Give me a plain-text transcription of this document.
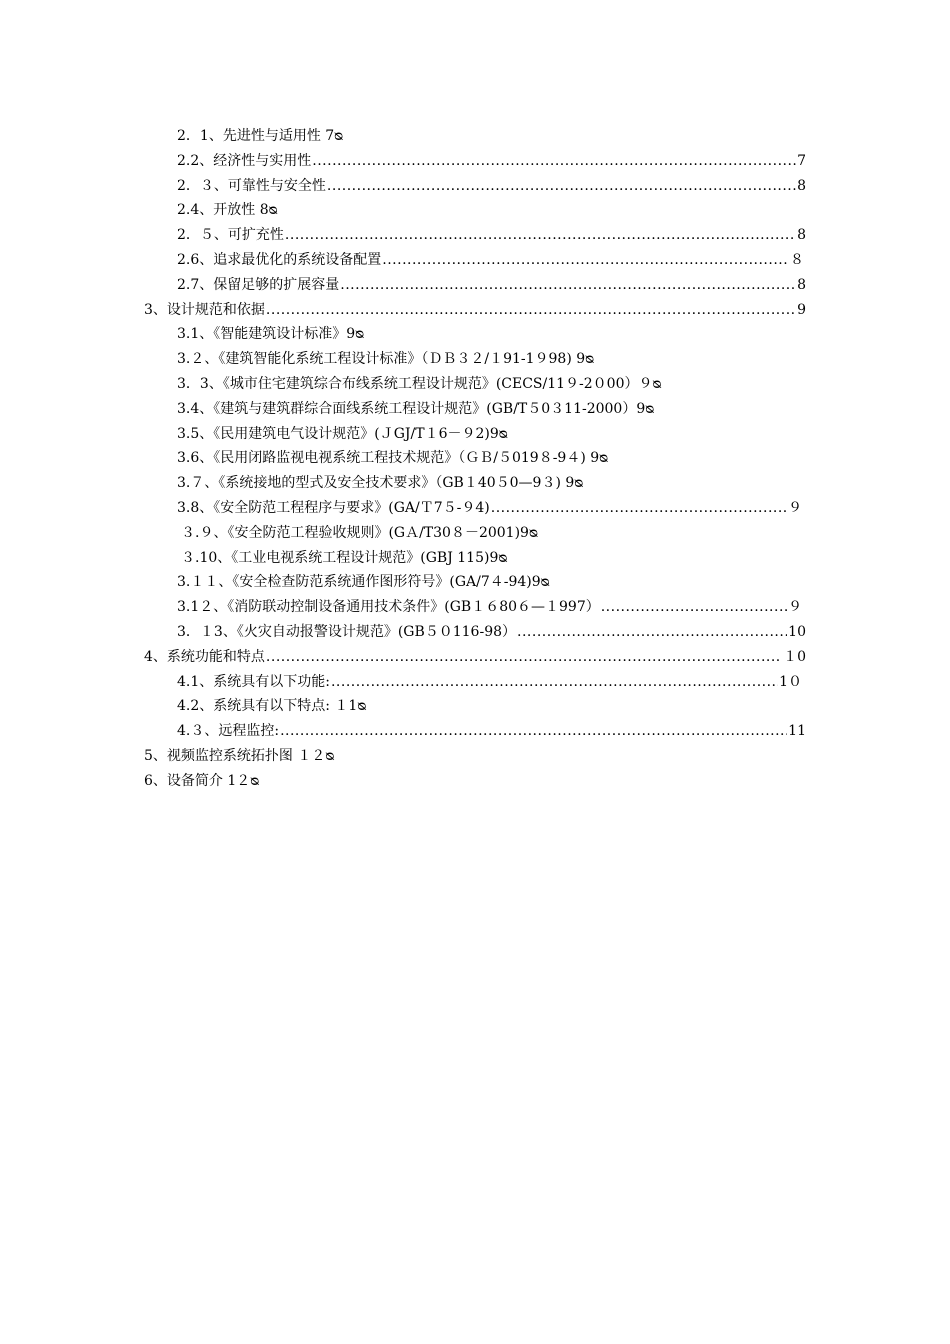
2．1、先进性与适用性 7ᴓ
2.2、经济性与实用性 .....	7
2．３、可靠性与安全性 .....	8
2.4、开放性 8ᴓ
2．５、可扩充性 .....	8
2.6、追求最优化的系统设备配置 .....	８
2.7、保留足够的扩展容量 .....	8
3、设计规范和依据 .....	9
3.1、《智能建筑设计标准》9ᴓ
3.２、《建筑智能化系统工程设计标准》（ＤＢ３２/１91-1９98) 9ᴓ
3．3、《城市住宅建筑综合布线系统工程设计规范》(CECS/11９-2０00）９ᴓ
3.4、《建筑与建筑群综合面线系统工程设计规范》(GB/T５0３11-2000）9ᴓ
3.5、《民用建筑电气设计规范》(ＪGJ/T１6－９2)9ᴓ
3.6、《民用闭路监视电视系统工程技术规范》（ＧＢ/５019８-9４) 9ᴓ
3.７、《系统接地的型式及安全技术要求》（GB１40５0—9３) 9ᴓ
3.8、《安全防范工程程序与要求》(GA/Ｔ7５-９4) .....	９
３.９、《安全防范工程验收规则》(GＡ/T30８－2001)9ᴓ
３.10、《工业电视系统工程设计规范》(GBJ 115)9ᴓ
3.１１、《安全检查防范系统通作图形符号》(GA/7４-94)9ᴓ
3.1２、《消防联动控制设备通用技术条件》(GB１６80６—１997） .....	９
3．１3、《火灾自动报警设计规范》(GB５０116-98） .....	10
4、系统功能和特点 .....	１0
4.1、系统具有以下功能: .....	1０
4.2、系统具有以下特点: １1ᴓ
4.３、远程监控: .....	11
5、视频监控系统拓扑图 １２ᴓ
6、设备简介 1２ᴓ
